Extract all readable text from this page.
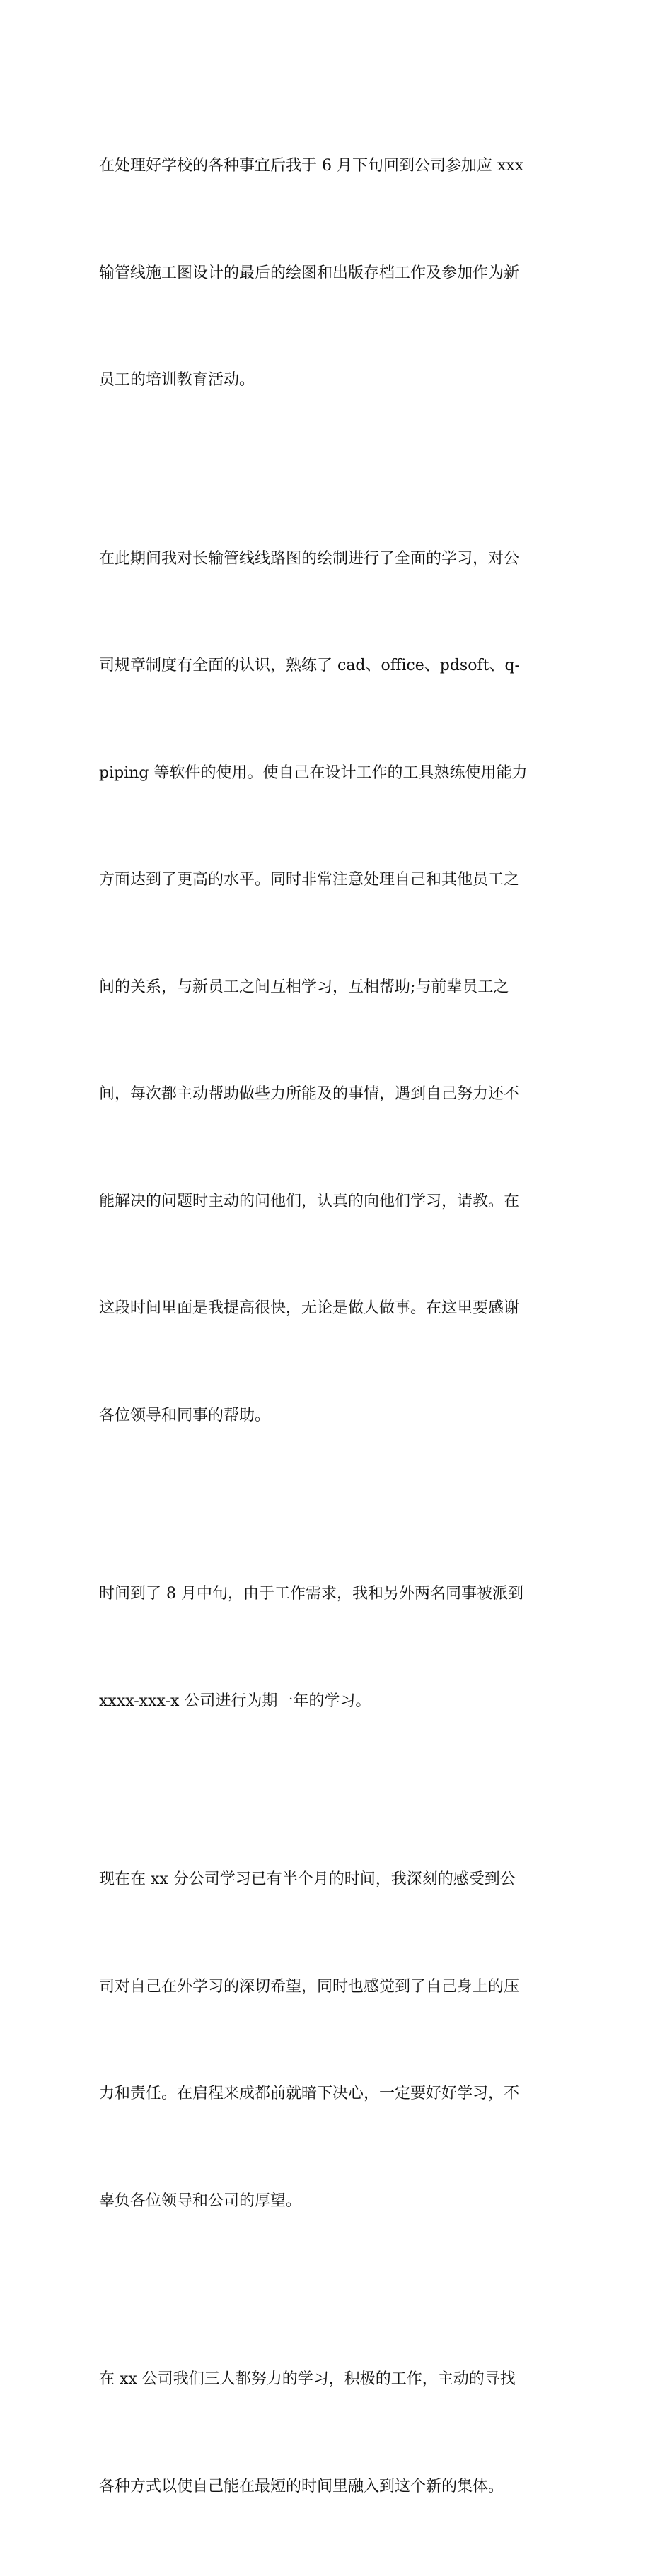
在处理好学校的各种事宜后我于 6 月下旬回到公司参加应 xxx

输管线施工图设计的最后的绘图和出版存档工作及参加作为新

员工的培训教育活动。

在此期间我对长输管线线路图的绘制进行了全面的学习，对公

司规章制度有全面的认识，熟练了 cad、office、pdsoft、q-

piping 等软件的使用。使自己在设计工作的工具熟练使用能力

方面达到了更高的水平。同时非常注意处理自己和其他员工之

间的关系，与新员工之间互相学习，互相帮助;与前辈员工之

间，每次都主动帮助做些力所能及的事情，遇到自己努力还不

能解决的问题时主动的问他们，认真的向他们学习，请教。在

这段时间里面是我提高很快，无论是做人做事。在这里要感谢

各位领导和同事的帮助。

时间到了 8 月中旬，由于工作需求，我和另外两名同事被派到

xxxx-xxx-x 公司进行为期一年的学习。

现在在 xx 分公司学习已有半个月的时间，我深刻的感受到公

司对自己在外学习的深切希望，同时也感觉到了自己身上的压

力和责任。在启程来成都前就暗下决心，一定要好好学习，不

辜负各位领导和公司的厚望。

在 xx 公司我们三人都努力的学习，积极的工作，主动的寻找

各种方式以使自己能在最短的时间里融入到这个新的集体。
